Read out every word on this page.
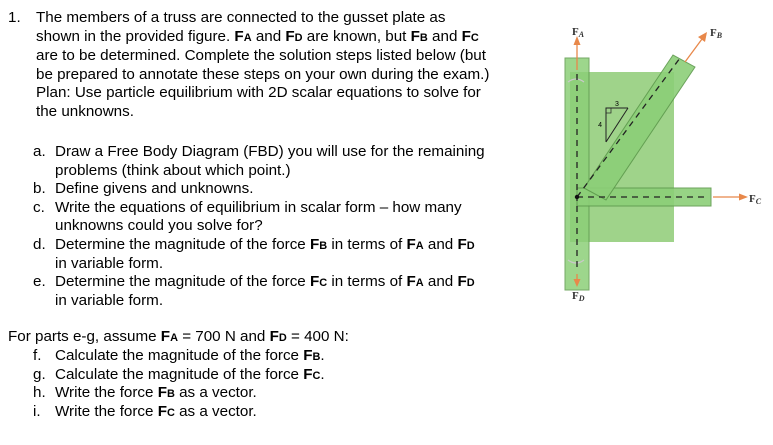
1. The members of a truss are connected to the gusset plate as
shown in the provided figure. FA and FD are known, but FB and FC
are to be determined. Complete the solution steps listed below (but
be prepared to annotate these steps on your own during the exam.)
Plan: Use particle equilibrium with 2D scalar equations to solve for
the unknowns.
a. Draw a Free Body Diagram (FBD) you will use for the remaining
problems (think about which point.)
b. Define givens and unknowns.
c. Write the equations of equilibrium in scalar form – how many
unknowns could you solve for?
d. Determine the magnitude of the force FB in terms of FA and FD
in variable form.
e. Determine the magnitude of the force FC in terms of FA and FD
in variable form.
For parts e-g, assume FA = 700 N and FD = 400 N:
f. Calculate the magnitude of the force FB.
g. Calculate the magnitude of the force FC.
h. Write the force FB as a vector.
i. Write the force FC as a vector.
3
4
FA	FB
FC
FD
